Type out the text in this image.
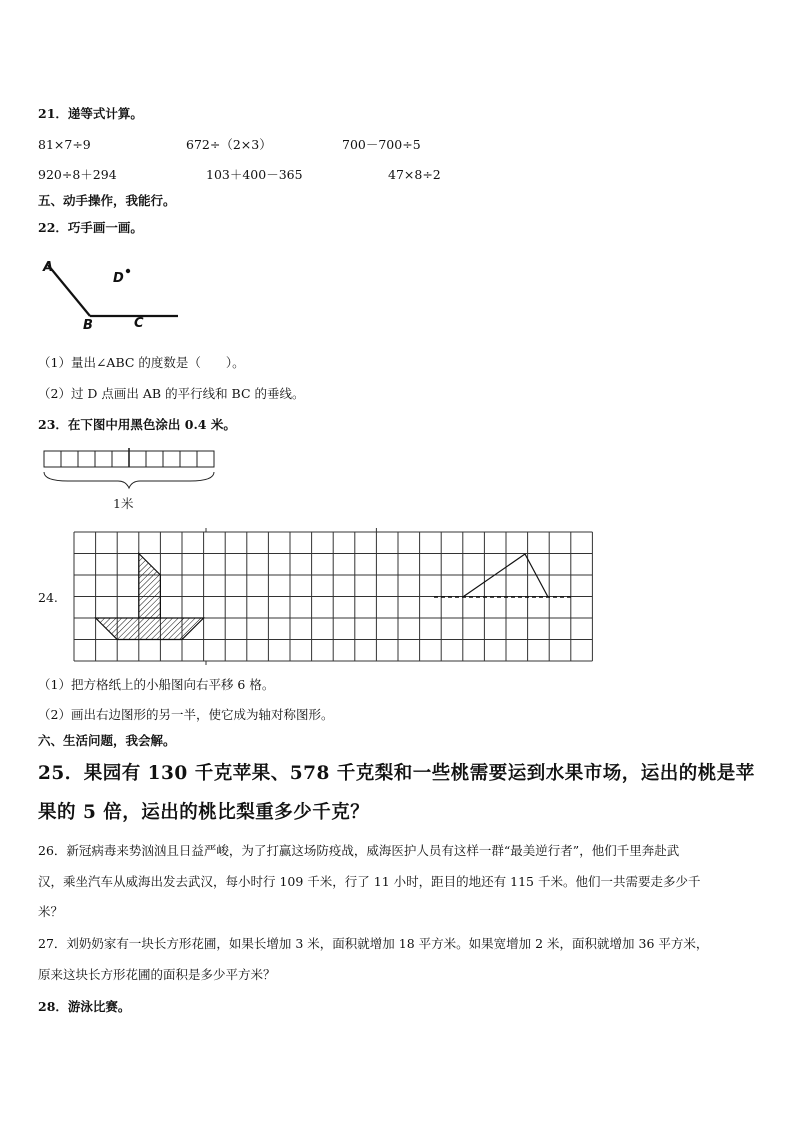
21．递等式计算。
81×7÷9	672÷（2×3）	700－700÷5
920÷8＋294	103＋400－365	47×8÷2
五、动手操作，我能行。
22．巧手画一画。
A
B	C
D
（1）量出∠ABC 的度数是（　　）。
（2）过 D 点画出 AB 的平行线和 BC 的垂线。
23．在下图中用黑色涂出 0.4 米。
1米
24.
（1）把方格纸上的小船图向右平移 6 格。
（2）画出右边图形的另一半，使它成为轴对称图形。
六、生活问题，我会解。
25．果园有 130 千克苹果、578 千克梨和一些桃需要运到水果市场，运出的桃是苹
果的 5 倍，运出的桃比梨重多少千克？
26．新冠病毒来势汹汹且日益严峻，为了打赢这场防疫战，威海医护人员有这样一群“最美逆行者”，他们千里奔赴武
汉，乘坐汽车从威海出发去武汉，每小时行 109 千米，行了 11 小时，距目的地还有 115 千米。他们一共需要走多少千
米？
27．刘奶奶家有一块长方形花圃，如果长增加 3 米，面积就增加 18 平方米。如果宽增加 2 米，面积就增加 36 平方米，
原来这块长方形花圃的面积是多少平方米？
28．游泳比赛。
